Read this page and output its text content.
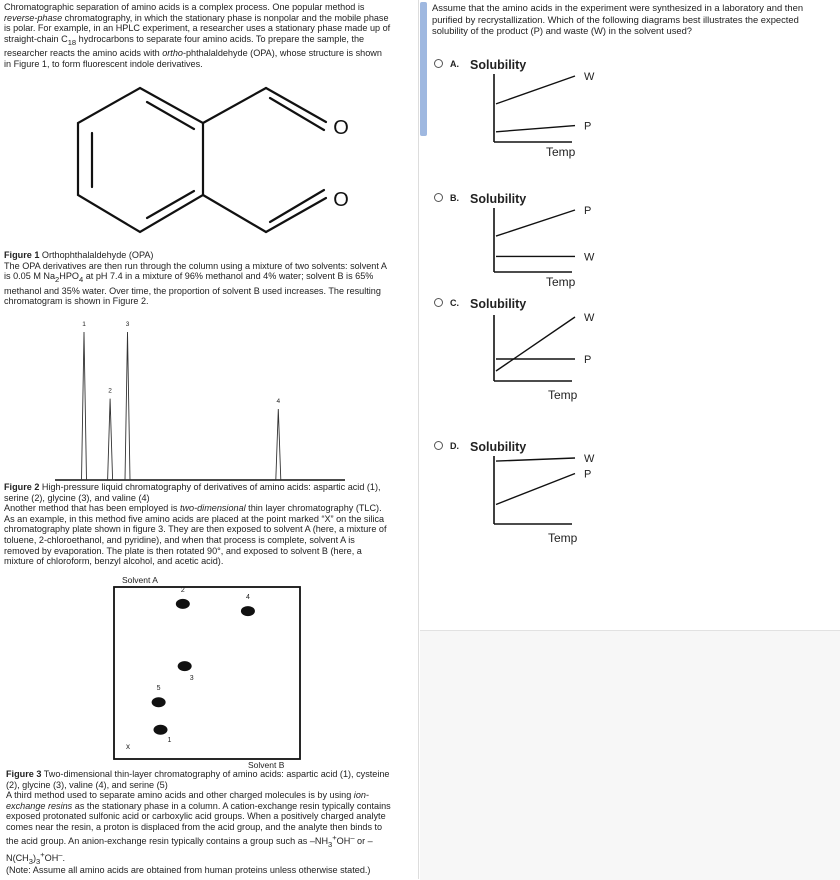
Chromatographic separation of amino acids is a complex process. One popular method is
reverse-phase chromatography, in which the stationary phase is nonpolar and the mobile phase
is polar. For example, in an HPLC experiment, a researcher uses a stationary phase made up of
straight-chain $C_{18}$ hydrocarbons to separate four amino acids. To prepare the sample, the
researcher reacts the amino acids with ortho-phthalaldehyde (OPA), whose structure is shown
in Figure 1, to form fluorescent indole derivatives.

O
O

Figure 1 Orthophthalaldehyde (OPA)
The OPA derivatives are then run through the column using a mixture of two solvents: solvent A
is 0.05 M $Na_2HPO_4$ at pH 7.4 in a mixture of 96% methanol and 4% water; solvent B is 65%
methanol and 35% water. Over time, the proportion of solvent B used increases. The resulting
chromatogram is shown in Figure 2.

1
2
3
4

Figure 2 High-pressure liquid chromatography of derivatives of amino acids: aspartic acid (1),
serine (2), glycine (3), and valine (4)
Another method that has been employed is two-dimensional thin layer chromatography (TLC).
As an example, in this method five amino acids are placed at the point marked “X” on the silica
chromatography plate shown in figure 3. They are then exposed to solvent A (here, a mixture of
toluene, 2-chloroethanol, and pyridine), and when that process is complete, solvent A is
removed by evaporation. The plate is then rotated 90°, and exposed to solvent B (here, a
mixture of chloroform, benzyl alcohol, and acetic acid).

Solvent A
x
Solvent B
1
2
3
4
5

Figure 3 Two-dimensional thin-layer chromatography of amino acids: aspartic acid (1), cysteine
(2), glycine (3), valine (4), and serine (5)
A third method used to separate amino acids and other charged molecules is by using ion-
exchange resins as the stationary phase in a column. A cation-exchange resin typically contains
exposed protonated sulfonic acid or carboxylic acid groups. When a positively charged analyte
comes near the resin, a proton is displaced from the acid group, and the analyte then binds to
the acid group. An anion-exchange resin typically contains a group such as $-NH_3^+OH^-$ or –
$N(CH_3)_3^+OH^-$.

(Note: Assume all amino acids are obtained from human proteins unless otherwise stated.)

Assume that the amino acids in the experiment were synthesized in a laboratory and then purified by recrystallization. Which of the following diagrams best illustrates the expected solubility of the product (P) and waste (W) in the solvent used?

A.
B.
C.
D.
Solubility
Temp
W
P
Solubility
Temp
P
W
Solubility
Temp
W
P
Solubility
Temp
W
P
